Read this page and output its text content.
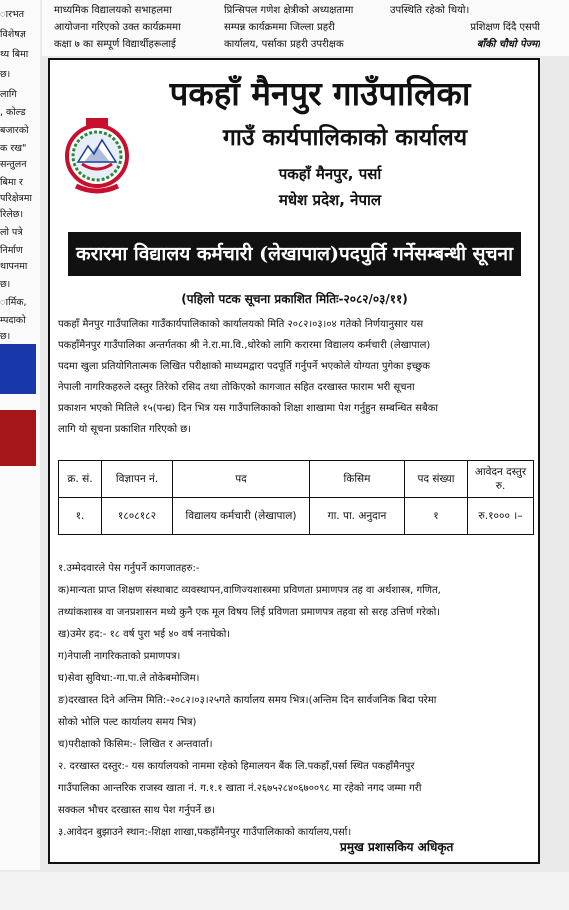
ारभत
विशेषज्ञ
थ्य बिमा
छ।
लागि
, कोल्ड
बजारको
क रख"
सन्तुलन
बिमा र
परिक्षेत्रमा
रिलेछ।
लो पत्रे
निर्माण
थापनमा
छ।
ार्मिक,
म्पदाको
छ।
माध्यमिक विद्यालयको सभाहलमा
आयोजना गरिएको उक्त कार्यक्रममा
कक्षा ७ का सम्पूर्ण विद्यार्थीहरूलाई
प्रिन्सिपल गणेश क्षेत्रीको अध्यक्षतामा
सम्पन्न कार्यक्रममा जिल्ला प्रहरी
कार्यालय, पर्साका प्रहरी उपरीक्षक
उपस्थिति रहेको थियो।
प्रशिक्षण दिंदै एसपी
बाँकी चौधो पेज्मा
पकहाँ मैनपुर गाउँपालिका
गाउँ कार्यपालिकाको कार्यालय
पकहाँ मैनपुर, पर्सा
मधेश प्रदेश, नेपाल
करारमा विद्यालय कर्मचारी (लेखापाल)पदपुर्ति गर्नेसम्बन्धी सूचना
(पहिलो पटक सूचना प्रकाशित मितिः-२०८२/०३/११)
पकहाँ मैनपुर गाउँपालिका गाउँकार्यपालिकाको कार्यालयको मिति २०८२।०३।०४ गतेको निर्णयानुसार यस
पकहाँमैनपुर गाउँपालिका अन्तर्गतका श्री ने.रा.मा.वि.,धोरेको लागि करारमा विद्यालय कर्मचारी (लेखापाल)
पदमा खुला प्रतियोगितात्मक लिखित परीक्षाको माध्यमद्वारा पदपूर्ति गर्नुपर्ने भएकोले योग्यता पुगेका इच्छुक
नेपाली नागरिकहरुले दस्तुर तिरेको रसिद तथा तोकिएको कागजात सहित दरखास्त फाराम भरी सूचना
प्रकाशन भएको मितिले १५(पन्ध्र) दिन भित्र यस गाउँपालिकाको शिक्षा शाखामा पेश गर्नुहुन सम्बन्धित सबैका
लागि यो सूचना प्रकाशित गरिएको छ।
क्र. सं.	विज्ञापन नं.	पद	किसिम	पद संख्या	आवेदन दस्तुर रु.
१.	१८०८१८२	विद्यालय कर्मचारी (लेखापाल)	गा. पा. अनुदान	१	रु.१००० ।–
१.उम्मेदवारले पेस गर्नुपर्ने कागजातहरु:-
क)मान्यता प्राप्त शिक्षण संस्थाबाट व्यवस्थापन,वाणिज्यशास्त्रमा प्रविणता प्रमाणपत्र तह वा अर्थशास्त्र, गणित,
तथ्यांकशास्त्र वा जनप्रशासन मध्ये कुनै एक मूल विषय लिई प्रविणता प्रमाणपत्र तहवा सो सरह उत्तिर्ण गरेको।
ख)उमेर हद:- १८ वर्ष पुरा भई ४० वर्ष ननाघेको।
ग)नेपाली नागरिकताको प्रमाणपत्र।
घ)सेवा सुविधा:-गा.पा.ले तोकेबमोजिम।
ङ)दरखास्त दिने अन्तिम मिति:-२०८२।०३।२५गते कार्यालय समय भित्र।(अन्तिम दिन सार्वजनिक बिदा परेमा
सोको भोलि पल्ट कार्यालय समय भित्र)
च)परीक्षाको किसिम:- लिखित र अन्तवार्ता।
२. दरखास्त दस्तुर:- यस कार्यालयको नाममा रहेको हिमालयन बैंक लि.पकहाँ,पर्सा स्थित पकहाँमैनपुर
गाउँपालिका आन्तरिक राजस्व खाता नं. ग.१.१ खाता नं.२६७५२८४०६७००९८ मा रहेको नगद जम्मा गरी
सक्कल भौचर दरखास्त साथ पेश गर्नुपर्ने छ।
३.आवेदन बुझाउने स्थान:-शिक्षा शाखा,पकहाँमैनपुर गाउँपालिकाको कार्यालय,पर्सा।
प्रमुख प्रशासकिय अधिकृत
